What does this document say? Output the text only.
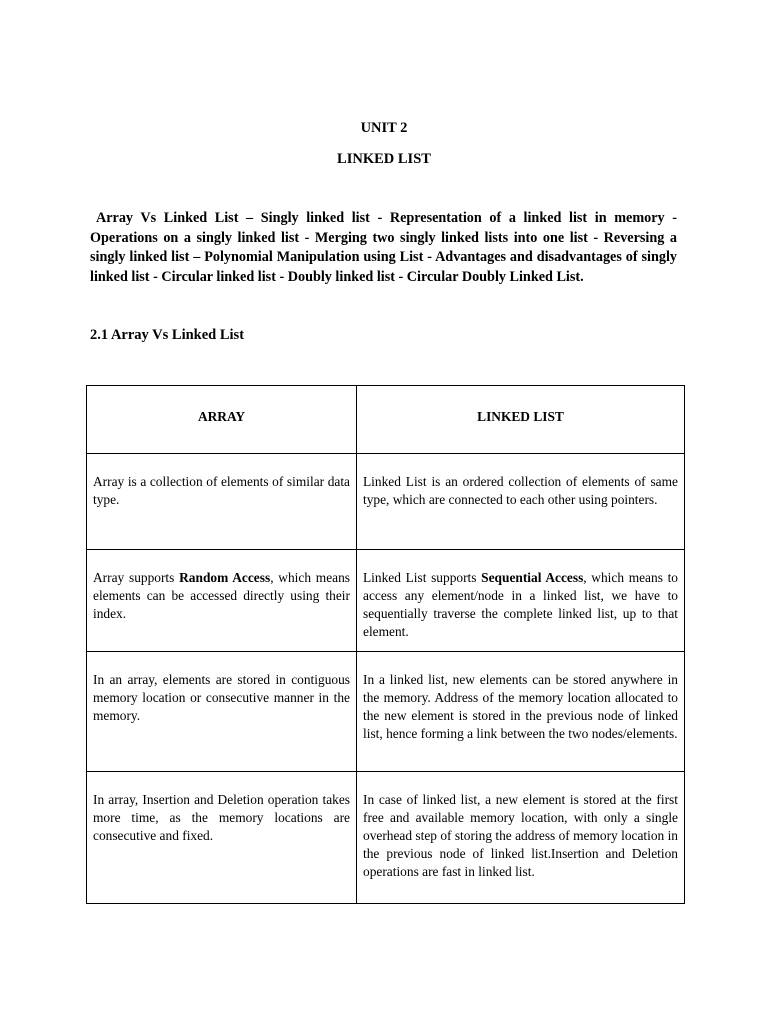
UNIT 2
LINKED LIST
Array Vs Linked List – Singly linked list - Representation of a linked list in memory - Operations on a singly linked list - Merging two singly linked lists into one list - Reversing a singly linked list – Polynomial Manipulation using List - Advantages and disadvantages of singly linked list - Circular linked list - Doubly linked list - Circular Doubly Linked List.
2.1 Array Vs Linked List
ARRAY	LINKED LIST
Array is a collection of elements of similar data type.	Linked List is an ordered collection of elements of same type, which are connected to each other using pointers.
Array supports Random Access, which means elements can be accessed directly using their index.	Linked List supports Sequential Access, which means to access any element/node in a linked list, we have to sequentially traverse the complete linked list, up to that element.
In an array, elements are stored in contiguous memory location or consecutive manner in the memory.	In a linked list, new elements can be stored anywhere in the memory. Address of the memory location allocated to the new element is stored in the previous node of linked list, hence forming a link between the two nodes/elements.
In array, Insertion and Deletion operation takes more time, as the memory locations are consecutive and fixed.	In case of linked list, a new element is stored at the first free and available memory location, with only a single overhead step of storing the address of memory location in the previous node of linked list.Insertion and Deletion operations are fast in linked list.
